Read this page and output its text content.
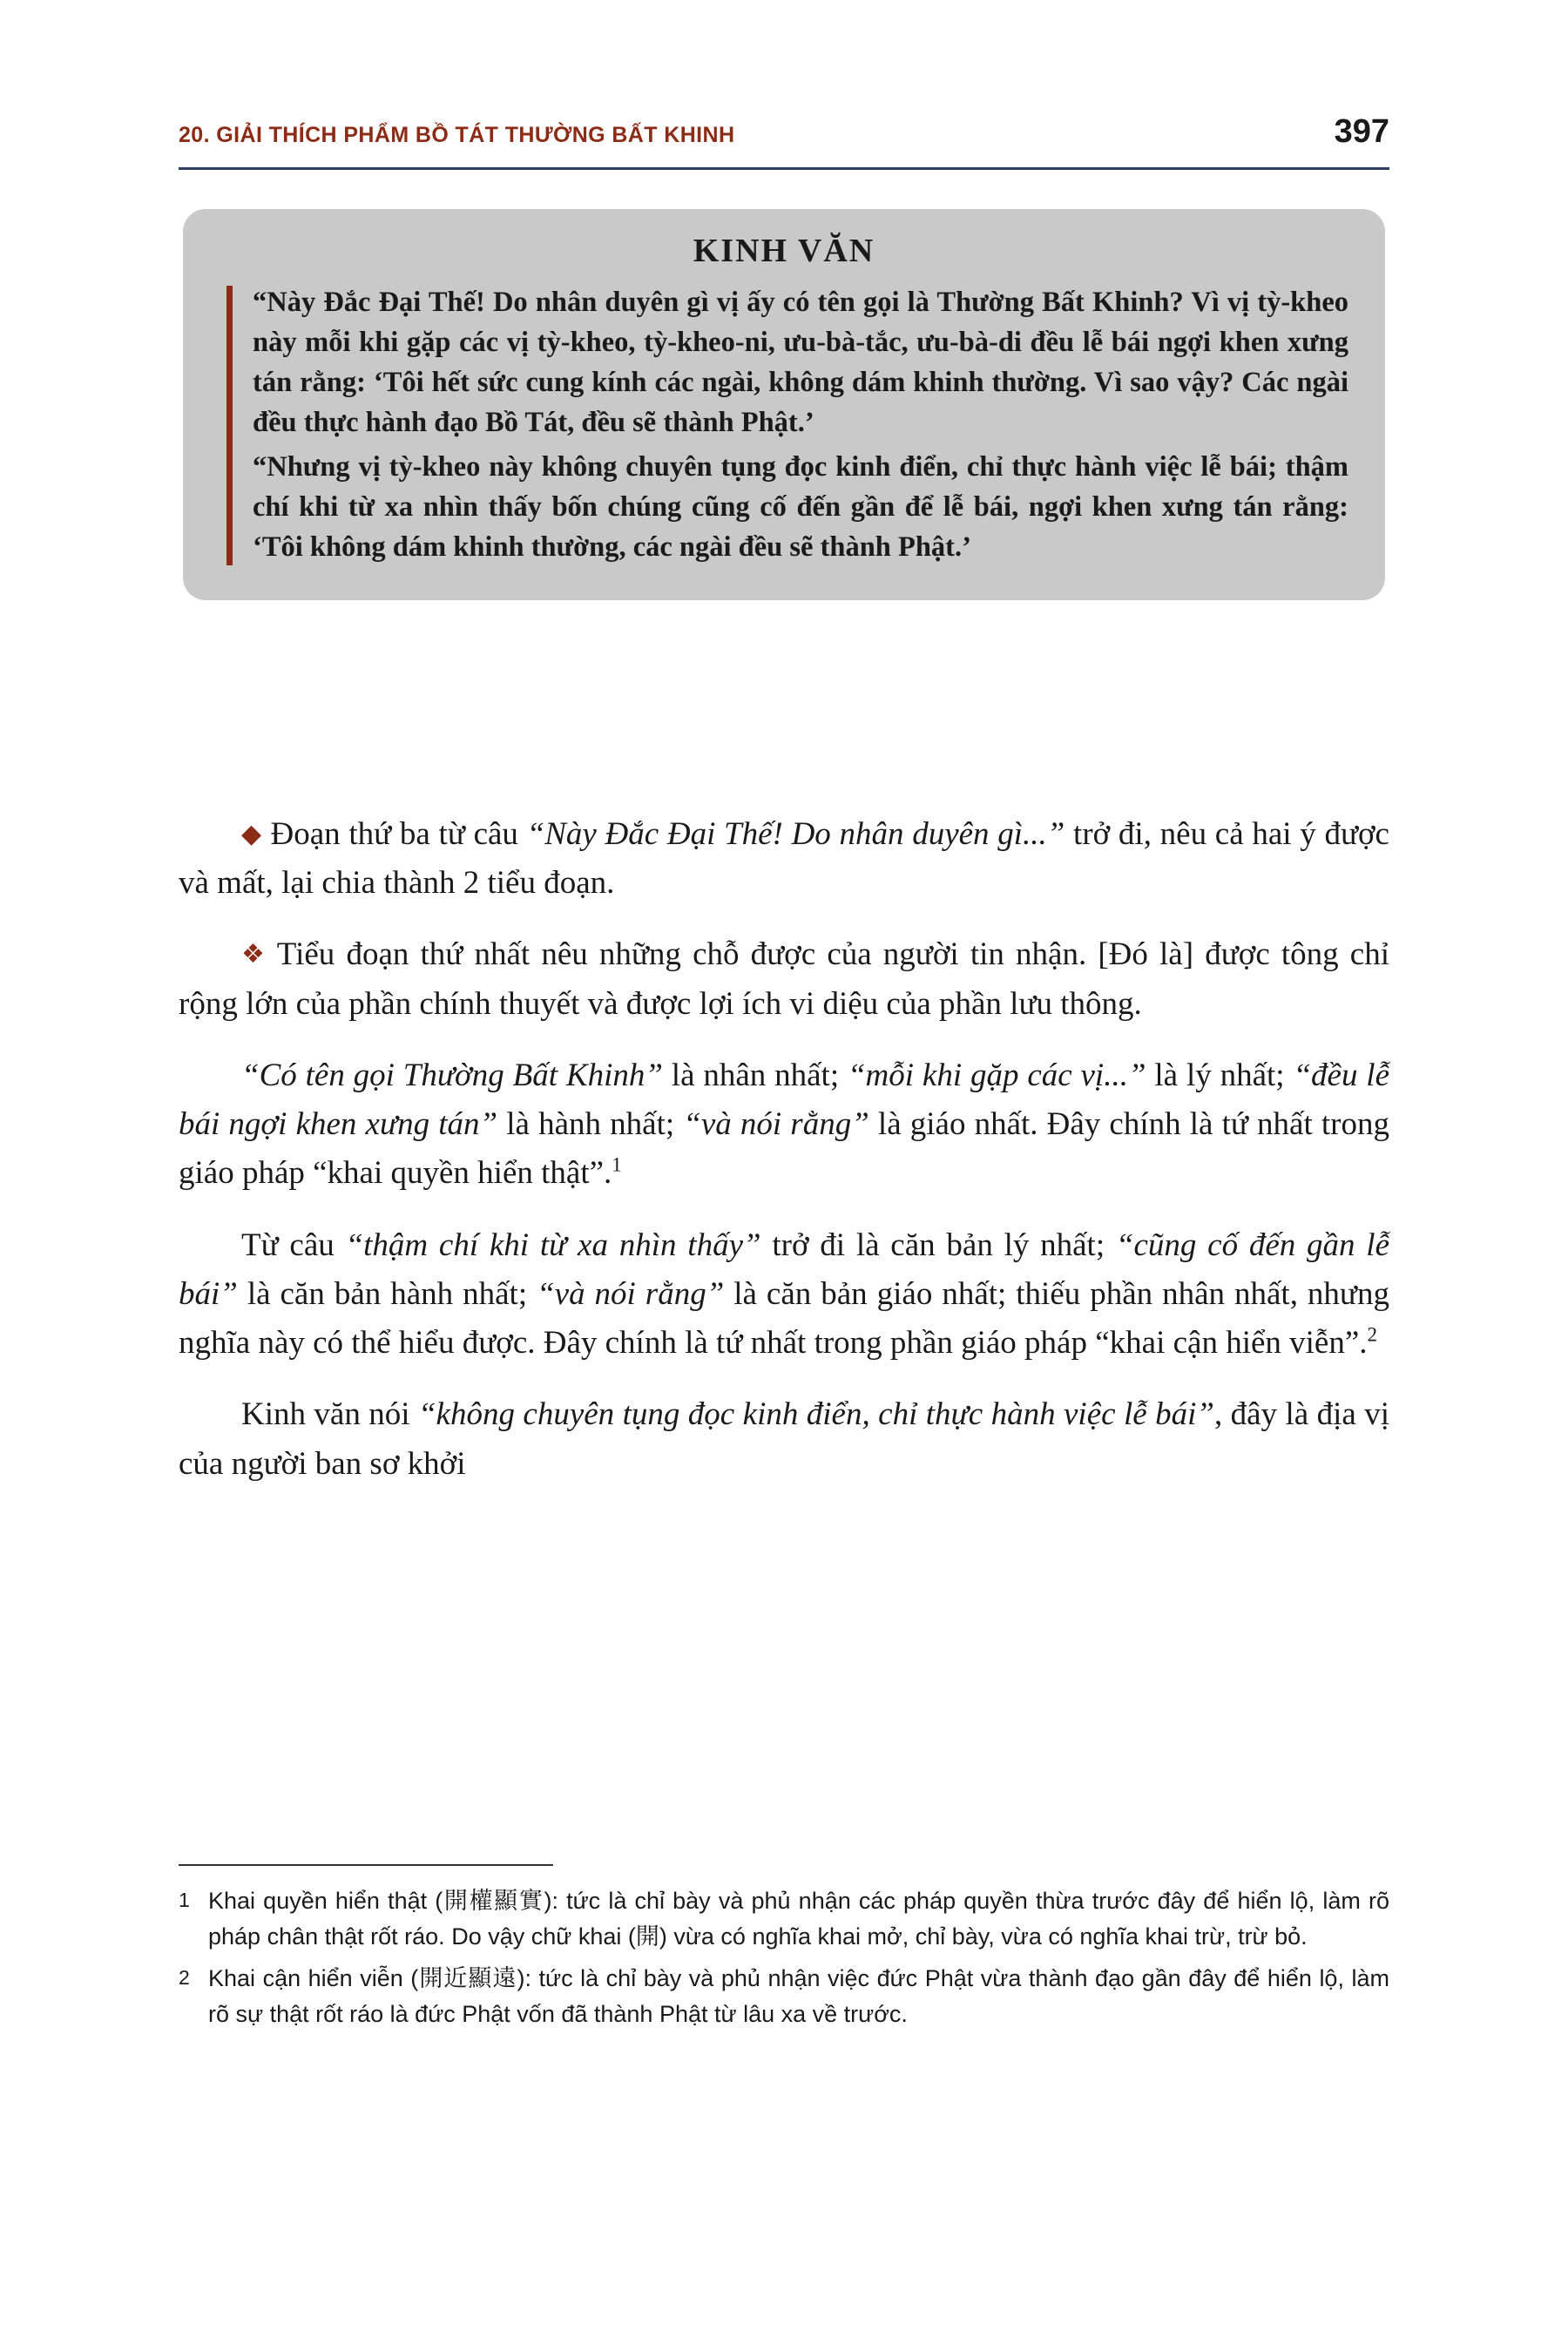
20. GIẢI THÍCH PHẨM BỒ TÁT THƯỜNG BẤT KHINH	397
KINH VĂN

“Này Đắc Đại Thế! Do nhân duyên gì vị ấy có tên gọi là Thường Bất Khinh? Vì vị tỳ-kheo này mỗi khi gặp các vị tỳ-kheo, tỳ-kheo-ni, ưu-bà-tắc, ưu-bà-di đều lễ bái ngợi khen xưng tán rằng: ‘Tôi hết sức cung kính các ngài, không dám khinh thường. Vì sao vậy? Các ngài đều thực hành đạo Bồ Tát, đều sẽ thành Phật.’

“Nhưng vị tỳ-kheo này không chuyên tụng đọc kinh điển, chỉ thực hành việc lễ bái; thậm chí khi từ xa nhìn thấy bốn chúng cũng cố đến gần để lễ bái, ngợi khen xưng tán rằng: ‘Tôi không dám khinh thường, các ngài đều sẽ thành Phật.’

◆ Đoạn thứ ba từ câu “Này Đắc Đại Thế! Do nhân duyên gì...” trở đi, nêu cả hai ý được và mất, lại chia thành 2 tiểu đoạn.

❖ Tiểu đoạn thứ nhất nêu những chỗ được của người tin nhận. [Đó là] được tông chỉ rộng lớn của phần chính thuyết và được lợi ích vi diệu của phần lưu thông.

“Có tên gọi Thường Bất Khinh” là nhân nhất; “mỗi khi gặp các vị...” là lý nhất; “đều lễ bái ngợi khen xưng tán” là hành nhất; “và nói rằng” là giáo nhất. Đây chính là tứ nhất trong giáo pháp “khai quyền hiển thật”.$^1$

Từ câu “thậm chí khi từ xa nhìn thấy” trở đi là căn bản lý nhất; “cũng cố đến gần lễ bái” là căn bản hành nhất; “và nói rằng” là căn bản giáo nhất; thiếu phần nhân nhất, nhưng nghĩa này có thể hiểu được. Đây chính là tứ nhất trong phần giáo pháp “khai cận hiển viễn”.$^2$

Kinh văn nói “không chuyên tụng đọc kinh điển, chỉ thực hành việc lễ bái”, đây là địa vị của người ban sơ khởi

1 Khai quyền hiển thật (開權顯實): tức là chỉ bày và phủ nhận các pháp quyền thừa trước đây để hiển lộ, làm rõ pháp chân thật rốt ráo. Do vậy chữ khai (開) vừa có nghĩa khai mở, chỉ bày, vừa có nghĩa khai trừ, trừ bỏ.
2 Khai cận hiển viễn (開近顯遠): tức là chỉ bày và phủ nhận việc đức Phật vừa thành đạo gần đây để hiển lộ, làm rõ sự thật rốt ráo là đức Phật vốn đã thành Phật từ lâu xa về trước.
